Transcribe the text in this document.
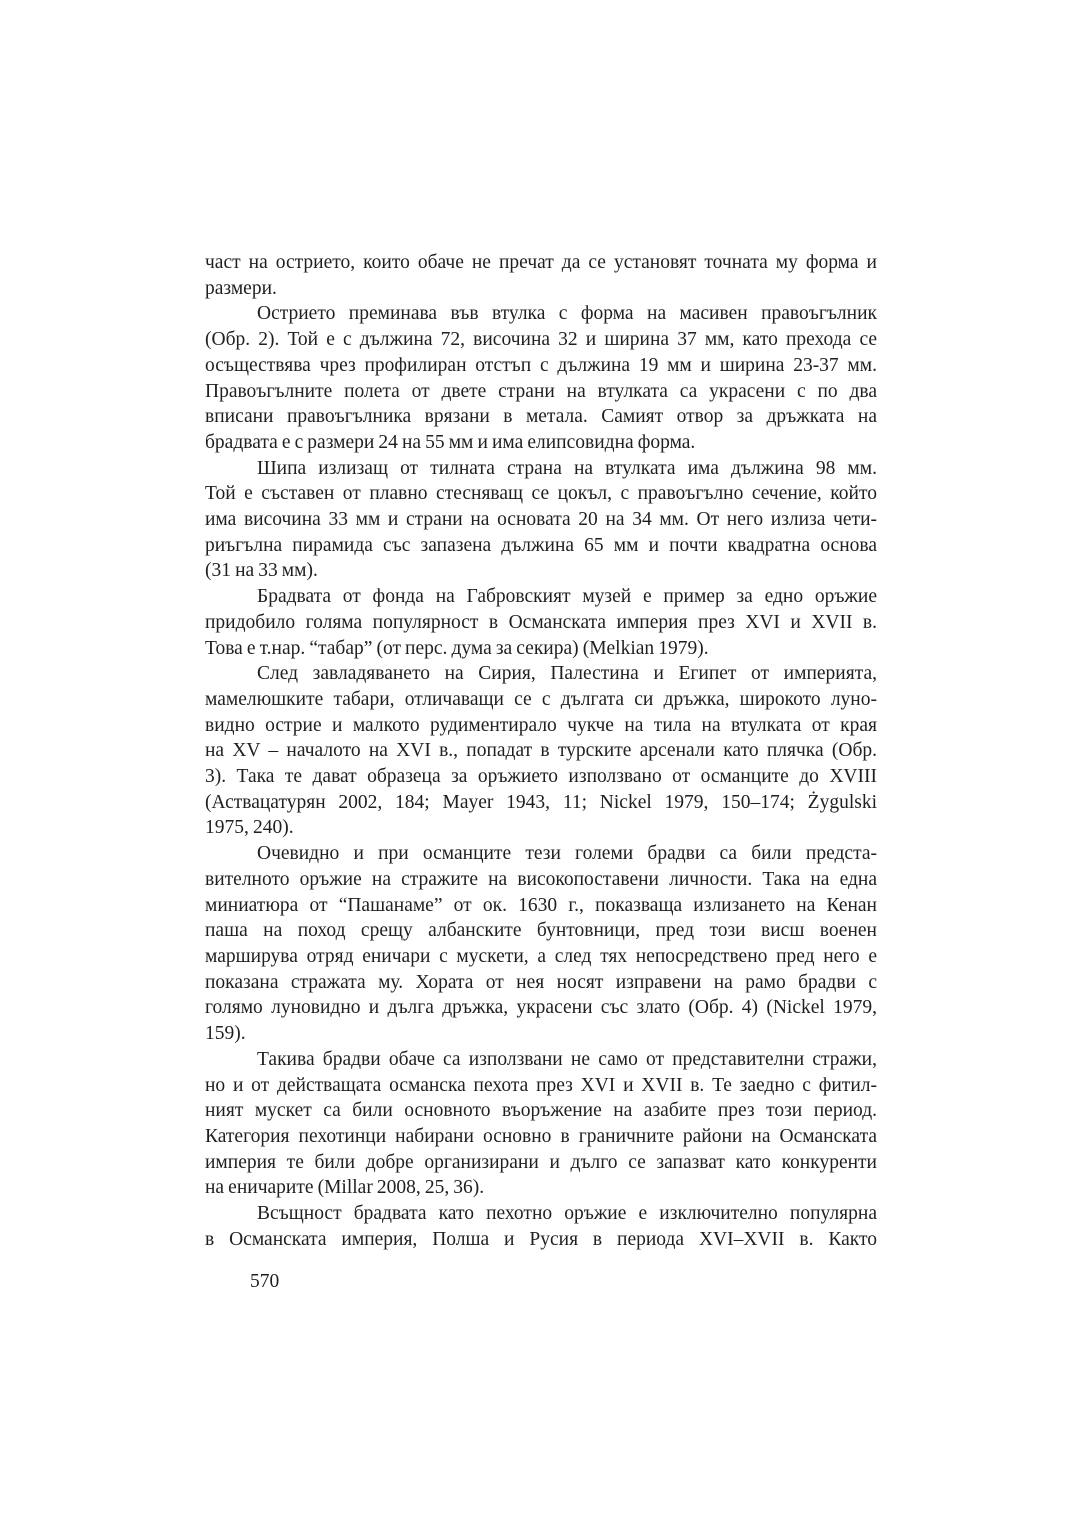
част на острието, които обаче не пречат да се установят точната му форма и
размери.
Острието преминава във втулка с форма на масивен правоъгълник
(Обр. 2). Той е с дължина 72, височина 32 и ширина 37 мм, като прехода се
осъществява чрез профилиран отстъп с дължина 19 мм и ширина 23-37 мм.
Правоъгълните полета от двете страни на втулката са украсени с по два
вписани правоъгълника врязани в метала. Самият отвор за дръжката на
брадвата е с размери 24 на 55 мм и има елипсовидна форма.
Шипа излизащ от тилната страна на втулката има дължина 98 мм.
Той е съставен от плавно стесняващ се цокъл, с правоъгълно сечение, който
има височина 33 мм и страни на основата 20 на 34 мм. От него излиза чети-
риъгълна пирамида със запазена дължина 65 мм и почти квадратна основа
(31 на 33 мм).
Брадвата от фонда на Габровският музей е пример за едно оръжие
придобило голяма популярност в Османската империя през XVI и XVII в.
Това е т.нар. “табар” (от перс. дума за секира) (Melkian 1979).
След завладяването на Сирия, Палестина и Египет от империята,
мамелюшките табари, отличаващи се с дългата си дръжка, широкото луно-
видно острие и малкото рудиментирало чукче на тила на втулката от края
на XV – началото на XVI в., попадат в турските арсенали като плячка (Обр.
3). Така те дават образеца за оръжието използвано от османците до XVIII
(Аствацатурян 2002, 184; Mayer 1943, 11; Nickel 1979, 150–174; Żygulski
1975, 240).
Очевидно и при османците тези големи брадви са били предста-
вителното оръжие на стражите на високопоставени личности. Така на една
миниатюра от “Пашанаме” от ок. 1630 г., показваща излизането на Кенан
паша на поход срещу албанските бунтовници, пред този висш военен
марширува отряд еничари с мускети, а след тях непосредствено пред него е
показана стражата му. Хората от нея носят изправени на рамо брадви с
голямо луновидно и дълга дръжка, украсени със злато (Обр. 4) (Nickel 1979,
159).
Такива брадви обаче са използвани не само от представителни стражи,
но и от действащата османска пехота през XVI и XVII в. Те заедно с фитил-
ният мускет са били основното въоръжение на азабите през този период.
Категория пехотинци набирани основно в граничните райони на Османската
империя те били добре организирани и дълго се запазват като конкуренти
на еничарите (Millar 2008, 25, 36).
Всъщност брадвата като пехотно оръжие е изключително популярна
в Османската империя, Полша и Русия в периода XVI–XVII в. Както
570
